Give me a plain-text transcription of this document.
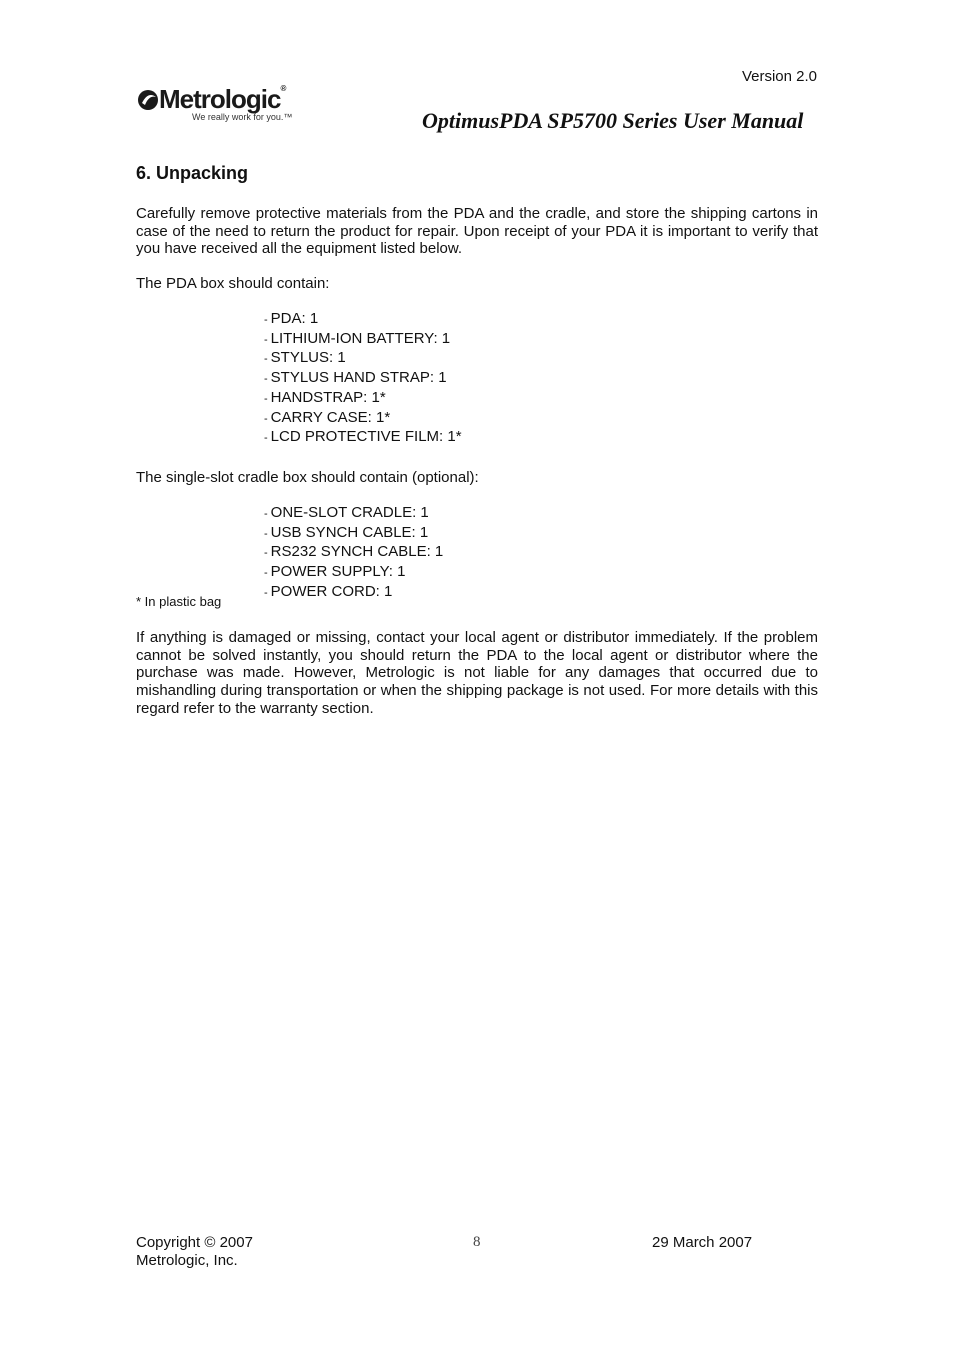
Version 2.0
Metrologic®
We really work for you.™	OptimusPDA SP5700 Series User Manual
6. Unpacking
Carefully remove protective materials from the PDA and the cradle, and store the shipping cartons in case of the need to return the product for repair. Upon receipt of your PDA it is important to verify that you have received all the equipment listed below.
The PDA box should contain:
- PDA: 1
- LITHIUM-ION BATTERY: 1
- STYLUS: 1
- STYLUS HAND STRAP: 1
- HANDSTRAP: 1*
- CARRY CASE: 1*
- LCD PROTECTIVE FILM: 1*
The single-slot cradle box should contain (optional):
- ONE-SLOT CRADLE: 1
- USB SYNCH CABLE: 1
- RS232 SYNCH CABLE: 1
- POWER SUPPLY: 1
- POWER CORD: 1
* In plastic bag
If anything is damaged or missing, contact your local agent or distributor immediately. If the problem cannot be solved instantly, you should return the PDA to the local agent or distributor where the purchase was made. However, Metrologic is not liable for any damages that occurred due to mishandling during transportation or when the shipping package is not used. For more details with this regard refer to the warranty section.
Copyright © 2007
Metrologic, Inc.
8	29 March 2007
